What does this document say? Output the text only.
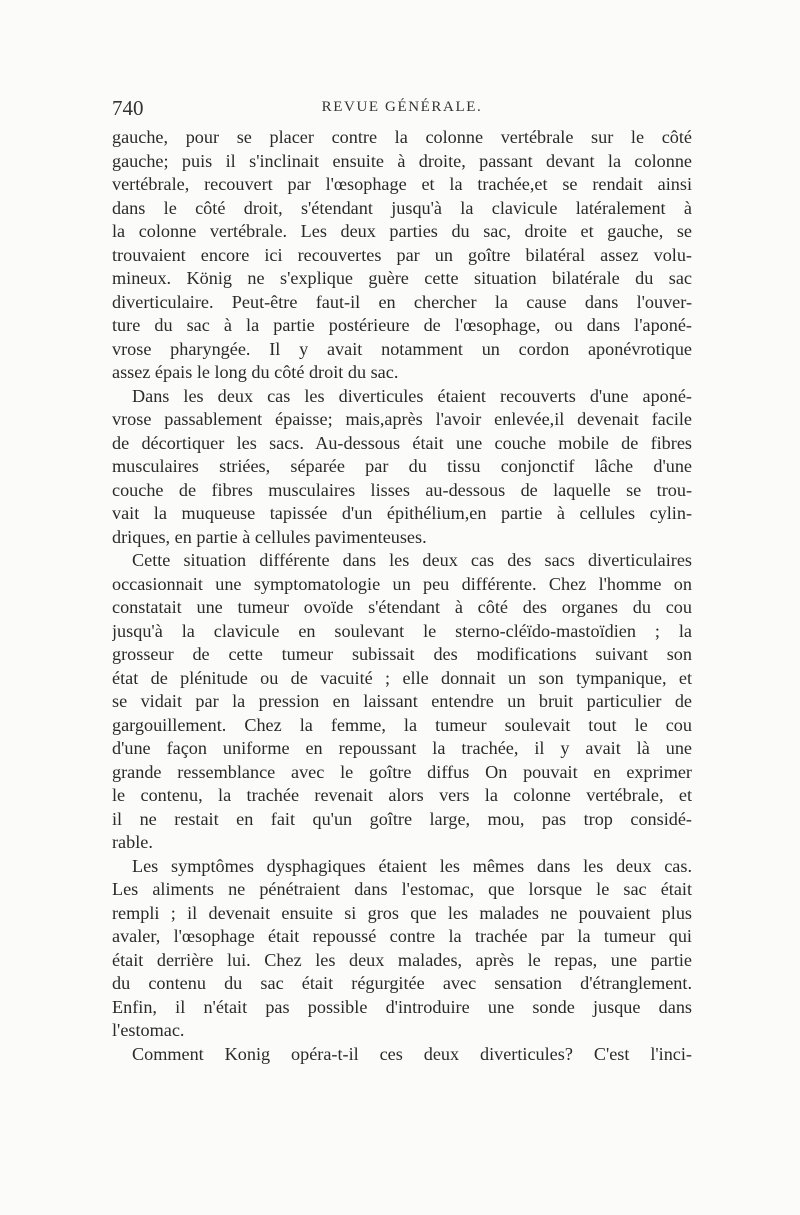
740	REVUE GÉNÉRALE.
gauche, pour se placer contre la colonne vertébrale sur le côté
gauche; puis il s'inclinait ensuite à droite, passant devant la colonne
vertébrale, recouvert par l'œsophage et la trachée,et se rendait ainsi
dans le côté droit, s'étendant jusqu'à la clavicule latéralement à
la colonne vertébrale. Les deux parties du sac, droite et gauche, se
trouvaient encore ici recouvertes par un goître bilatéral assez volu-
mineux. König ne s'explique guère cette situation bilatérale du sac
diverticulaire. Peut-être faut-il en chercher la cause dans l'ouver-
ture du sac à la partie postérieure de l'œsophage, ou dans l'aponé-
vrose pharyngée. Il y avait notamment un cordon aponévrotique
assez épais le long du côté droit du sac.
Dans les deux cas les diverticules étaient recouverts d'une aponé-
vrose passablement épaisse; mais,après l'avoir enlevée,il devenait facile
de décortiquer les sacs. Au-dessous était une couche mobile de fibres
musculaires striées, séparée par du tissu conjonctif lâche d'une
couche de fibres musculaires lisses au-dessous de laquelle se trou-
vait la muqueuse tapissée d'un épithélium,en partie à cellules cylin-
driques, en partie à cellules pavimenteuses.
Cette situation différente dans les deux cas des sacs diverticulaires
occasionnait une symptomatologie un peu différente. Chez l'homme on
constatait une tumeur ovoïde s'étendant à côté des organes du cou
jusqu'à la clavicule en soulevant le sterno-cléïdo-mastoïdien ; la
grosseur de cette tumeur subissait des modifications suivant son
état de plénitude ou de vacuité ; elle donnait un son tympanique, et
se vidait par la pression en laissant entendre un bruit particulier de
gargouillement. Chez la femme, la tumeur soulevait tout le cou
d'une façon uniforme en repoussant la trachée, il y avait là une
grande ressemblance avec le goître diffus On pouvait en exprimer
le contenu, la trachée revenait alors vers la colonne vertébrale, et
il ne restait en fait qu'un goître large, mou, pas trop considé-
rable.
Les symptômes dysphagiques étaient les mêmes dans les deux cas.
Les aliments ne pénétraient dans l'estomac, que lorsque le sac était
rempli ; il devenait ensuite si gros que les malades ne pouvaient plus
avaler, l'œsophage était repoussé contre la trachée par la tumeur qui
était derrière lui. Chez les deux malades, après le repas, une partie
du contenu du sac était régurgitée avec sensation d'étranglement.
Enfin, il n'était pas possible d'introduire une sonde jusque dans
l'estomac.
Comment Konig opéra-t-il ces deux diverticules? C'est l'inci-
